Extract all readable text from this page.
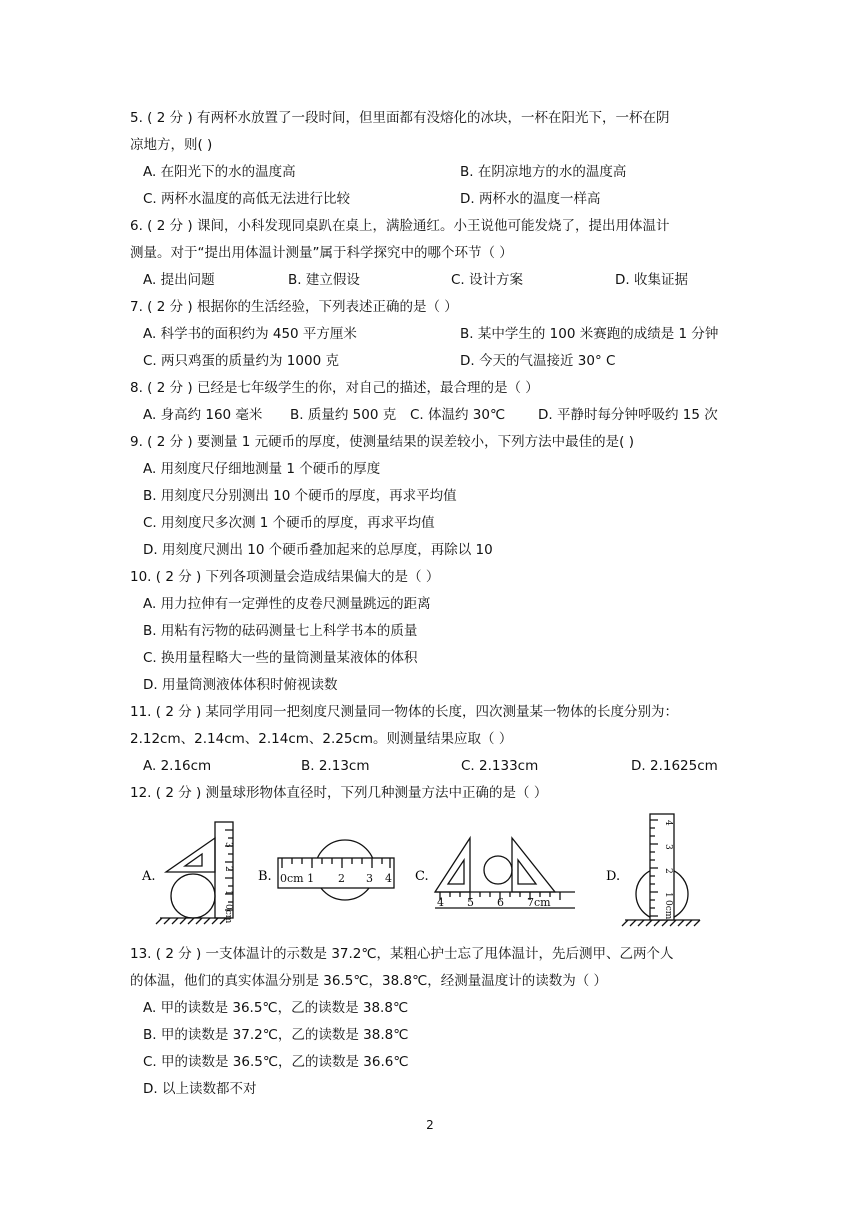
5. ( 2 分 ) 有两杯水放置了一段时间，但里面都有没熔化的冰块，一杯在阳光下，一杯在阴
凉地方，则( )
A. 在阳光下的水的温度高	B. 在阴凉地方的水的温度高
C. 两杯水温度的高低无法进行比较	D. 两杯水的温度一样高
6. ( 2 分 ) 课间，小科发现同桌趴在桌上，满脸通红。小王说他可能发烧了，提出用体温计
测量。对于“提出用体温计测量”属于科学探究中的哪个环节（ ）
A. 提出问题	B. 建立假设	C. 设计方案	D. 收集证据
7. ( 2 分 ) 根据你的生活经验，下列表述正确的是（ ）
A. 科学书的面积约为 450 平方厘米	B. 某中学生的 100 米赛跑的成绩是 1 分钟
C. 两只鸡蛋的质量约为 1000 克	D. 今天的气温接近 30° C
8. ( 2 分 ) 已经是七年级学生的你，对自己的描述，最合理的是（ ）
A. 身高约 160 毫米 B. 质量约 500 克 C. 体温约 30℃ D. 平静时每分钟呼吸约 15 次
9. ( 2 分 ) 要测量 1 元硬币的厚度，使测量结果的误差较小，下列方法中最佳的是( )
A. 用刻度尺仔细地测量 1 个硬币的厚度
B. 用刻度尺分别测出 10 个硬币的厚度，再求平均值
C. 用刻度尺多次测 1 个硬币的厚度，再求平均值
D. 用刻度尺测出 10 个硬币叠加起来的总厚度，再除以 10
10. ( 2 分 ) 下列各项测量会造成结果偏大的是（ ）
A. 用力拉伸有一定弹性的皮卷尺测量跳远的距离
B. 用粘有污物的砝码测量七上科学书本的质量
C. 换用量程略大一些的量筒测量某液体的体积
D. 用量筒测液体体积时俯视读数
11. ( 2 分 ) 某同学用同一把刻度尺测量同一物体的长度，四次测量某一物体的长度分别为：
2.12cm、2.14cm、2.14cm、2.25cm。则测量结果应取（ ）
A. 2.16cm	B. 2.13cm	C. 2.133cm	D. 2.1625cm
12. ( 2 分 ) 测量球形物体直径时，下列几种测量方法中正确的是（ ）
A.	B.	C.	D.
3
2
1
0cm
0cm 1 2 3 4
4 5 6 7cm
4
3
2
1
0cm
13. ( 2 分 ) 一支体温计的示数是 37.2℃，某粗心护士忘了甩体温计，先后测甲、乙两个人
的体温，他们的真实体温分别是 36.5℃，38.8℃，经测量温度计的读数为（ ）
A. 甲的读数是 36.5℃，乙的读数是 38.8℃
B. 甲的读数是 37.2℃，乙的读数是 38.8℃
C. 甲的读数是 36.5℃，乙的读数是 36.6℃
D. 以上读数都不对
2
